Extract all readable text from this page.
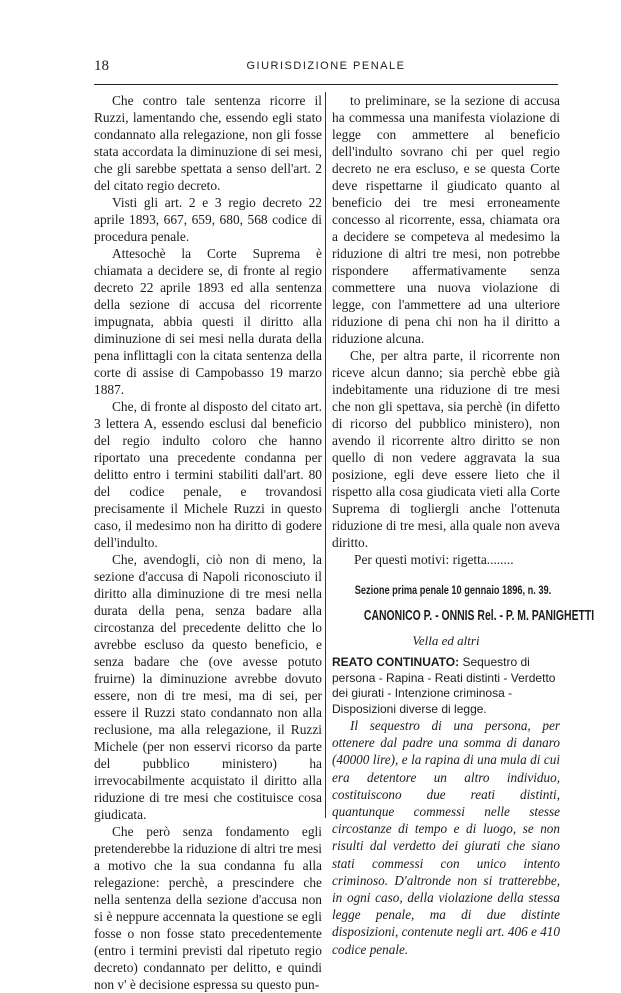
18	GIURISDIZIONE PENALE

Che contro tale sentenza ricorre il Ruzzi, lamentando che, essendo egli stato condannato alla relegazione, non gli fosse stata accordata la diminuzione di sei mesi, che gli sarebbe spettata a senso dell'art. 2 del citato regio decreto.

Visti gli art. 2 e 3 regio decreto 22 aprile 1893, 667, 659, 680, 568 codice di procedura penale.

Attesochè la Corte Suprema è chiamata a decidere se, di fronte al regio decreto 22 aprile 1893 ed alla sentenza della sezione di accusa del ricorrente impugnata, abbia questi il diritto alla diminuzione di sei mesi nella durata della pena inflittagli con la citata sentenza della corte di assise di Campobasso 19 marzo 1887.

Che, di fronte al disposto del citato art. 3 lettera A, essendo esclusi dal beneficio del regio indulto coloro che hanno riportato una precedente condanna per delitto entro i termini stabiliti dall'art. 80 del codice penale, e trovandosi precisamente il Michele Ruzzi in questo caso, il medesimo non ha diritto di godere dell'indulto.

Che, avendogli, ciò non di meno, la sezione d'accusa di Napoli riconosciuto il diritto alla diminuzione di tre mesi nella durata della pena, senza badare alla circostanza del precedente delitto che lo avrebbe escluso da questo beneficio, e senza badare che (ove avesse potuto fruirne) la diminuzione avrebbe dovuto essere, non di tre mesi, ma di sei, per essere il Ruzzi stato condannato non alla reclusione, ma alla relegazione, il Ruzzi Michele (per non esservi ricorso da parte del pubblico ministero) ha irrevocabilmente acquistato il diritto alla riduzione di tre mesi che costituisce cosa giudicata.

Che però senza fondamento egli pretenderebbe la riduzione di altri tre mesi a motivo che la sua condanna fu alla relegazione: perchè, a prescindere che nella sentenza della sezione d'accusa non si è neppure accennata la questione se egli fosse o non fosse stato precedentemente (entro i termini previsti dal ripetuto regio decreto) condannato per delitto, e quindi non v' è decisione espressa su questo pun-

to preliminare, se la sezione di accusa ha commessa una manifesta violazione di legge con ammettere al beneficio dell'indulto sovrano chi per quel regio decreto ne era escluso, e se questa Corte deve rispettarne il giudicato quanto al beneficio dei tre mesi erroneamente concesso al ricorrente, essa, chiamata ora a decidere se competeva al medesimo la riduzione di altri tre mesi, non potrebbe rispondere affermativamente senza commettere una nuova violazione di legge, con l'ammettere ad una ulteriore riduzione di pena chi non ha il diritto a riduzione alcuna.

Che, per altra parte, il ricorrente non riceve alcun danno; sia perchè ebbe già indebitamente una riduzione di tre mesi che non gli spettava, sia perchè (in difetto di ricorso del pubblico ministero), non avendo il ricorrente altro diritto se non quello di non vedere aggravata la sua posizione, egli deve essere lieto che il rispetto alla cosa giudicata vieti alla Corte Suprema di togliergli anche l'ottenuta riduzione di tre mesi, alla quale non aveva diritto.

Per questi motivi: rigetta........

Sezione prima penale 10 gennaio 1896, n. 39.
CANONICO P. - ONNIS Rel. - P. M. PANIGHETTI
Vella ed altri
REATO CONTINUATO: Sequestro di persona - Rapina - Reati distinti - Verdetto dei giurati - Intenzione criminosa - Disposizioni diverse di legge.

Il sequestro di una persona, per ottenere dal padre una somma di danaro (40000 lire), e la rapina di una mula di cui era detentore un altro individuo, costituiscono due reati distinti, quantunque commessi nelle stesse circostanze di tempo e di luogo, se non risulti dal verdetto dei giurati che siano stati commessi con unico intento criminoso. D'altronde non si tratterebbe, in ogni caso, della violazione della stessa legge penale, ma di due distinte disposizioni, contenute negli art. 406 e 410 codice penale.
